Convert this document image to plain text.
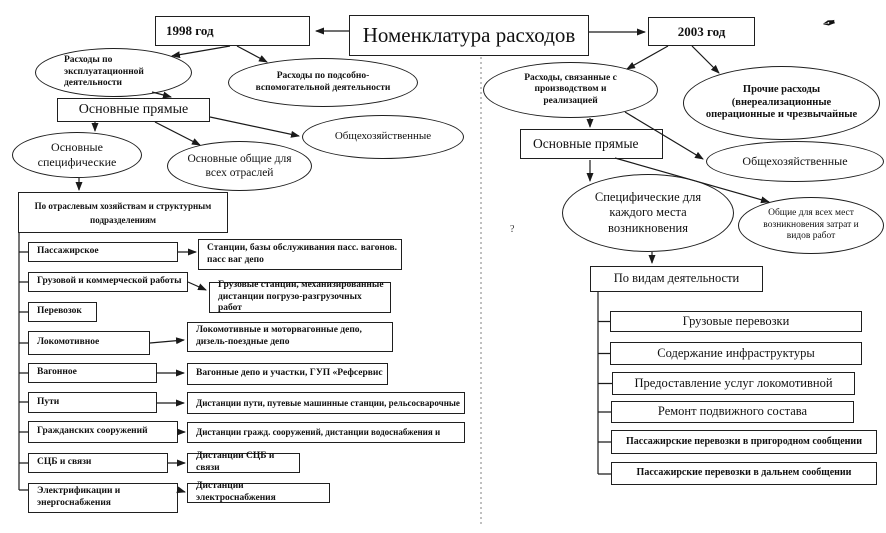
Номенклатура расходов
1998 год	2003 год	✒
?
Расходы по эксплуатационной деятельности
Расходы по подсобно-вспомогательной деятельности
Основные прямые
Общехозяйственные
Основные специфические	Основные общие для всех отраслей
По отраслевым хозяйствам и структурным подразделениям
Пассажирское
Грузовой и коммерческой работы
Перевозок
Локомотивное
Вагонное
Пути
Гражданских сооружений
СЦБ и связи
Электрификации и энергоснабжения
Станции, базы обслуживания пасс. вагонов. пасс ваг депо
Грузовые станции, механизированные дистанции погрузо-разгрузочных работ
Локомотивные и моторвагонные депо, дизель-поездные депо
Вагонные депо и участки, ГУП «Рефсервис
Дистанции пути, путевые машинные станции, рельсосварочные
Дистанции гражд. сооружений, дистанции водоснабжения и
Дистанции СЦБ и связи
Дистанции электроснабжения
Расходы, связанные с производством и реализацией
Прочие расходы (внереализационные операционные и чрезвычайные
Основные прямые
Общехозяйственные
Специфические для каждого места возникновения
Общие для всех мест возникновения затрат и видов работ
По видам деятельности
Грузовые перевозки
Содержание инфраструктуры
Предоставление услуг локомотивной
Ремонт подвижного состава
Пассажирские перевозки в пригородном сообщении
Пассажирские перевозки в дальнем сообщении
